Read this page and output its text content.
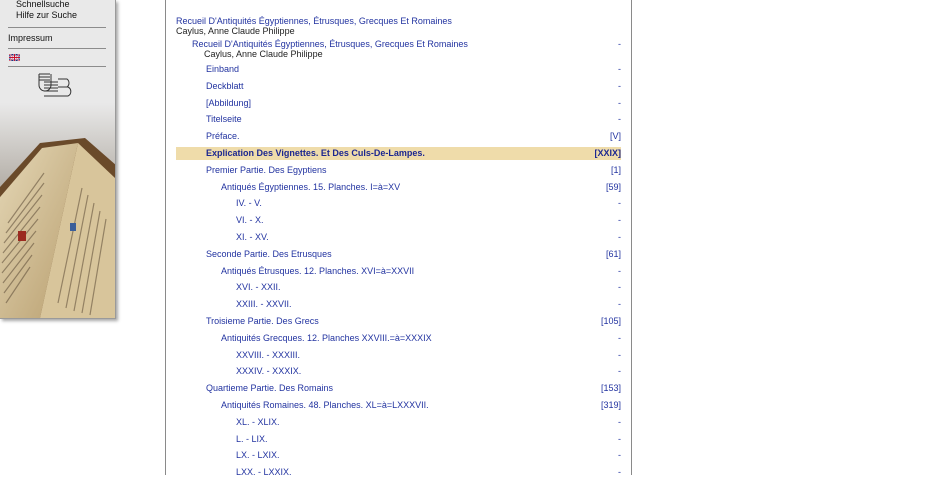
Schnellsuche
Hilfe zur Suche
Impressum
Recueil D'Antiquités Égyptiennes, Étrusques, Grecques Et Romaines
Caylus, Anne Claude Philippe
Recueil D'Antiquités Égyptiennes, Étrusques, Grecques Et Romaines	-
Caylus, Anne Claude Philippe
Einband	-
Deckblatt	-
[Abbildung]	-
Titelseite	-
Préface.	[V]
Explication Des Vignettes. Et Des Culs-De-Lampes.	[XXIX]
Premier Partie. Des Egyptiens	[1]
Antiqués Égyptiennes. 15. Planches. I=à=XV	[59]
IV. - V.	-
VI. - X.	-
XI. - XV.	-
Seconde Partie. Des Etrusques	[61]
Antiqués Étrusques. 12. Planches. XVI=à=XXVII	-
XVI. - XXII.	-
XXIII. - XXVII.	-
Troisieme Partie. Des Grecs	[105]
Antiquités Grecques. 12. Planches XXVIII.=à=XXXIX	-
XXVIII. - XXXIII.	-
XXXIV. - XXXIX.	-
Quartieme Partie. Des Romains	[153]
Antiquités Romaines. 48. Planches. XL=à=LXXXVII.	[319]
XL. - XLIX.	-
L. - LIX.	-
LX. - LXIX.	-
LXX. - LXXIX.	-
